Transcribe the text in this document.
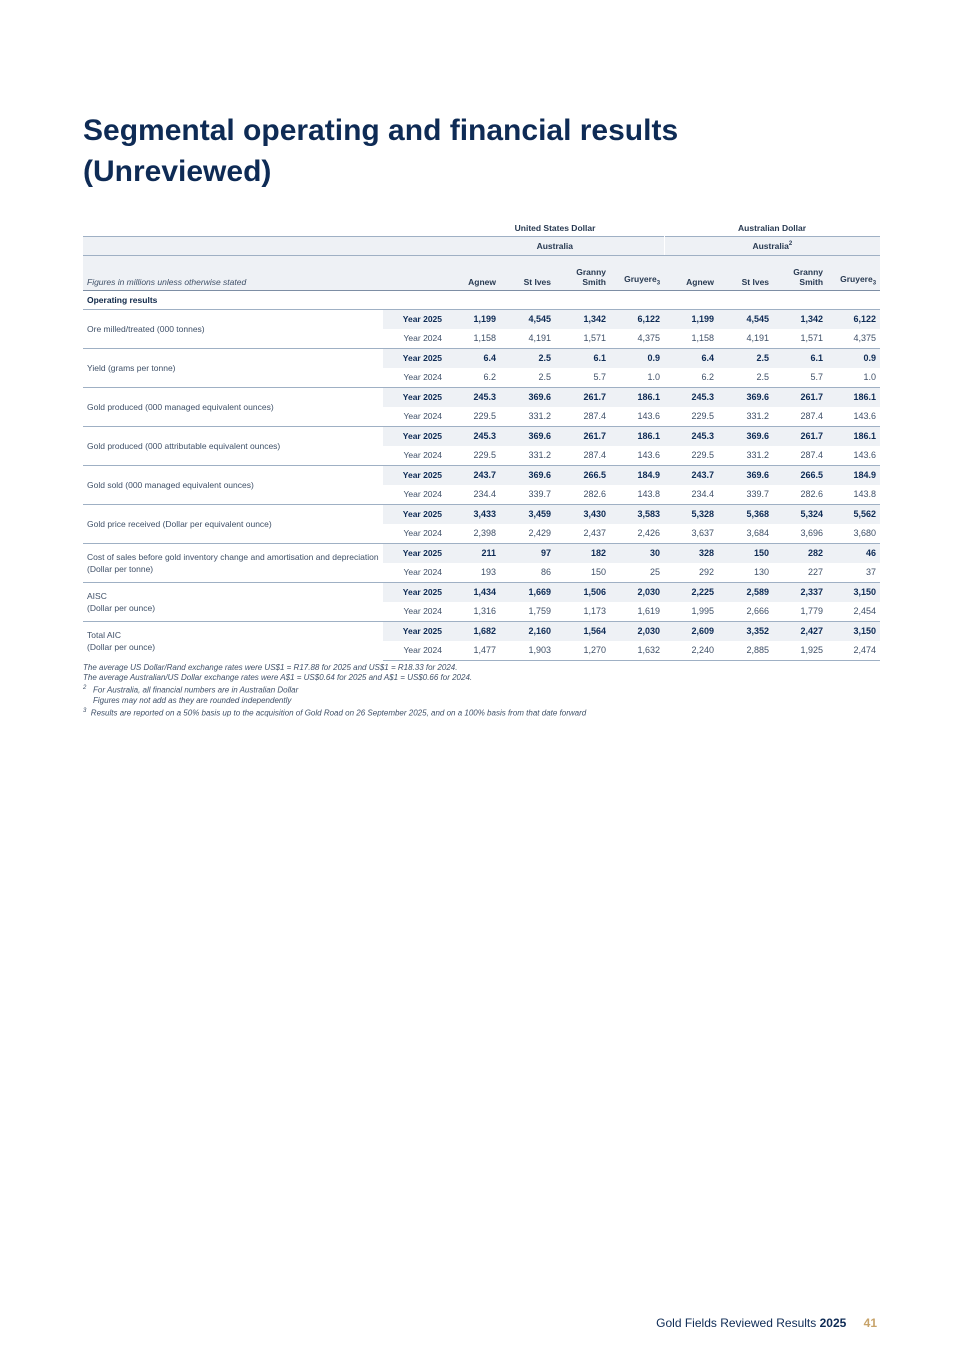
Segmental operating and financial results
(Unreviewed)
		United States Dollar				Australian Dollar			
		Australia				Australia$^2$
Figures in millions unless otherwise stated		Agnew	St Ives	Granny Smith	Gruyere$_3$	Agnew	St Ives	Granny Smith	Gruyere$_3$
Operating results									
Ore milled/treated (000 tonnes)	Year 2025	1,199	4,545	1,342	6,122	1,199	4,545	1,342	6,122
	Year 2024	1,158	4,191	1,571	4,375	1,158	4,191	1,571	4,375
Yield (grams per tonne)	Year 2025	6.4	2.5	6.1	0.9	6.4	2.5	6.1	0.9
	Year 2024	6.2	2.5	5.7	1.0	6.2	2.5	5.7	1.0
Gold produced (000 managed equivalent ounces)	Year 2025	245.3	369.6	261.7	186.1	245.3	369.6	261.7	186.1
	Year 2024	229.5	331.2	287.4	143.6	229.5	331.2	287.4	143.6
Gold produced (000 attributable equivalent ounces)	Year 2025	245.3	369.6	261.7	186.1	245.3	369.6	261.7	186.1
	Year 2024	229.5	331.2	287.4	143.6	229.5	331.2	287.4	143.6
Gold sold (000 managed equivalent ounces)	Year 2025	243.7	369.6	266.5	184.9	243.7	369.6	266.5	184.9
	Year 2024	234.4	339.7	282.6	143.8	234.4	339.7	282.6	143.8
Gold price received (Dollar per equivalent ounce)	Year 2025	3,433	3,459	3,430	3,583	5,328	5,368	5,324	5,562
	Year 2024	2,398	2,429	2,437	2,426	3,637	3,684	3,696	3,680
Cost of sales before gold inventory change and amortisation and depreciation (Dollar per tonne)	Year 2025	211	97	182	30	328	150	282	46
	Year 2024	193	86	150	25	292	130	227	37
AISC
(Dollar per ounce)	Year 2025	1,434	1,669	1,506	2,030	2,225	2,589	2,337	3,150
	Year 2024	1,316	1,759	1,173	1,619	1,995	2,666	1,779	2,454
Total AIC
(Dollar per ounce)	Year 2025	1,682	2,160	1,564	2,030	2,609	3,352	2,427	3,150
	Year 2024	1,477	1,903	1,270	1,632	2,240	2,885	1,925	2,474

The average US Dollar/Rand exchange rates were US$1 = R17.88 for 2025 and US$1 = R18.33 for 2024.

The average Australian/US Dollar exchange rates were A$1 = US$0.64 for 2025 and A$1 = US$0.66 for 2024.

$^2$ For Australia, all financial numbers are in Australian Dollar

Figures may not add as they are rounded independently

$^3$ Results are reported on a 50% basis up to the acquisition of Gold Road on 26 September 2025, and on a 100% basis from that date forward

Gold Fields Reviewed Results 2025 41
